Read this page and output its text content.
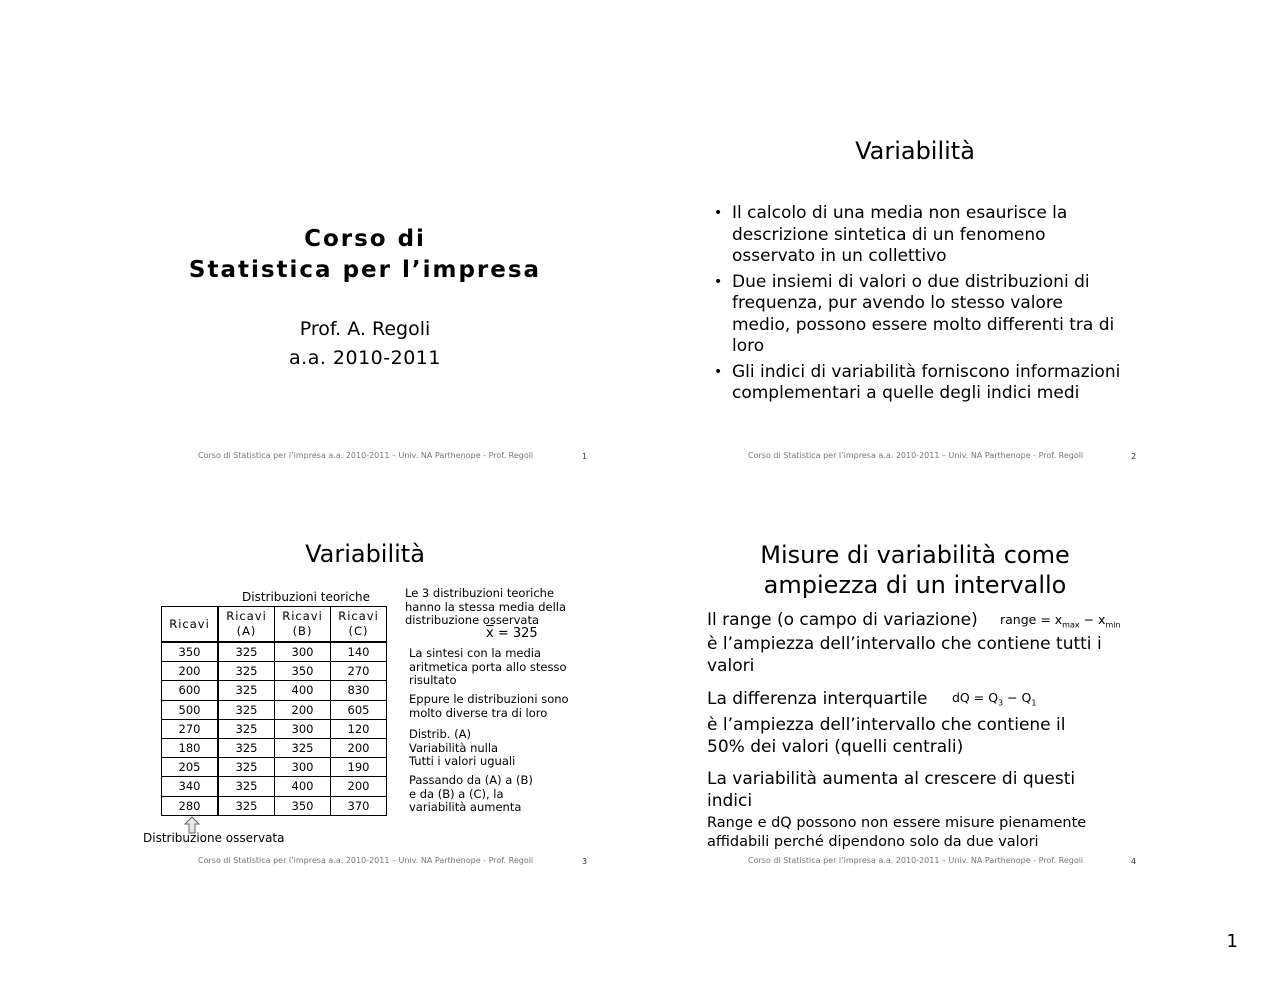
Corso di
Statistica per l’impresa
Prof. A. Regoli
a.a. 2010-2011
Corso di Statistica per l’impresa a.a. 2010-2011 – Univ. NA Parthenope - Prof. Regoli	1
Variabilità
• Il calcolo di una media non esaurisce la descrizione sintetica di un fenomeno osservato in un collettivo
• Due insiemi di valori o due distribuzioni di frequenza, pur avendo lo stesso valore medio, possono essere molto differenti tra di loro
• Gli indici di variabilità forniscono informazioni complementari a quelle degli indici medi
Corso di Statistica per l’impresa a.a. 2010-2011 – Univ. NA Parthenope - Prof. Regoli	2
Variabilità
Distribuzioni teoriche
Ricavi	Ricavi (A)	Ricavi (B)	Ricavi (C)
350	325	300	140
200	325	350	270
600	325	400	830
500	325	200	605
270	325	300	120
180	325	325	200
205	325	300	190
340	325	400	200
280	325	350	370
Distribuzione osservata
Le 3 distribuzioni teoriche hanno la stessa media della distribuzione osservata
$\overline{x} = 325$
La sintesi con la media aritmetica porta allo stesso risultato
Eppure le distribuzioni sono molto diverse tra di loro
Distrib. (A)
Variabilità nulla
Tutti i valori uguali
Passando da (A) a (B) e da (B) a (C), la variabilità aumenta
Corso di Statistica per l’impresa a.a. 2010-2011 – Univ. NA Parthenope - Prof. Regoli	3
Misure di variabilità come
ampiezza di un intervallo
Il range (o campo di variazione) range = $x_{max} - x_{min}$
è l’ampiezza dell’intervallo che contiene tutti i valori
La differenza interquartile dQ = $Q_3 - Q_1$
è l’ampiezza dell’intervallo che contiene il 50% dei valori (quelli centrali)
La variabilità aumenta al crescere di questi indici
Range e dQ possono non essere misure pienamente affidabili perché dipendono solo da due valori
Corso di Statistica per l’impresa a.a. 2010-2011 – Univ. NA Parthenope - Prof. Regoli	4
1
